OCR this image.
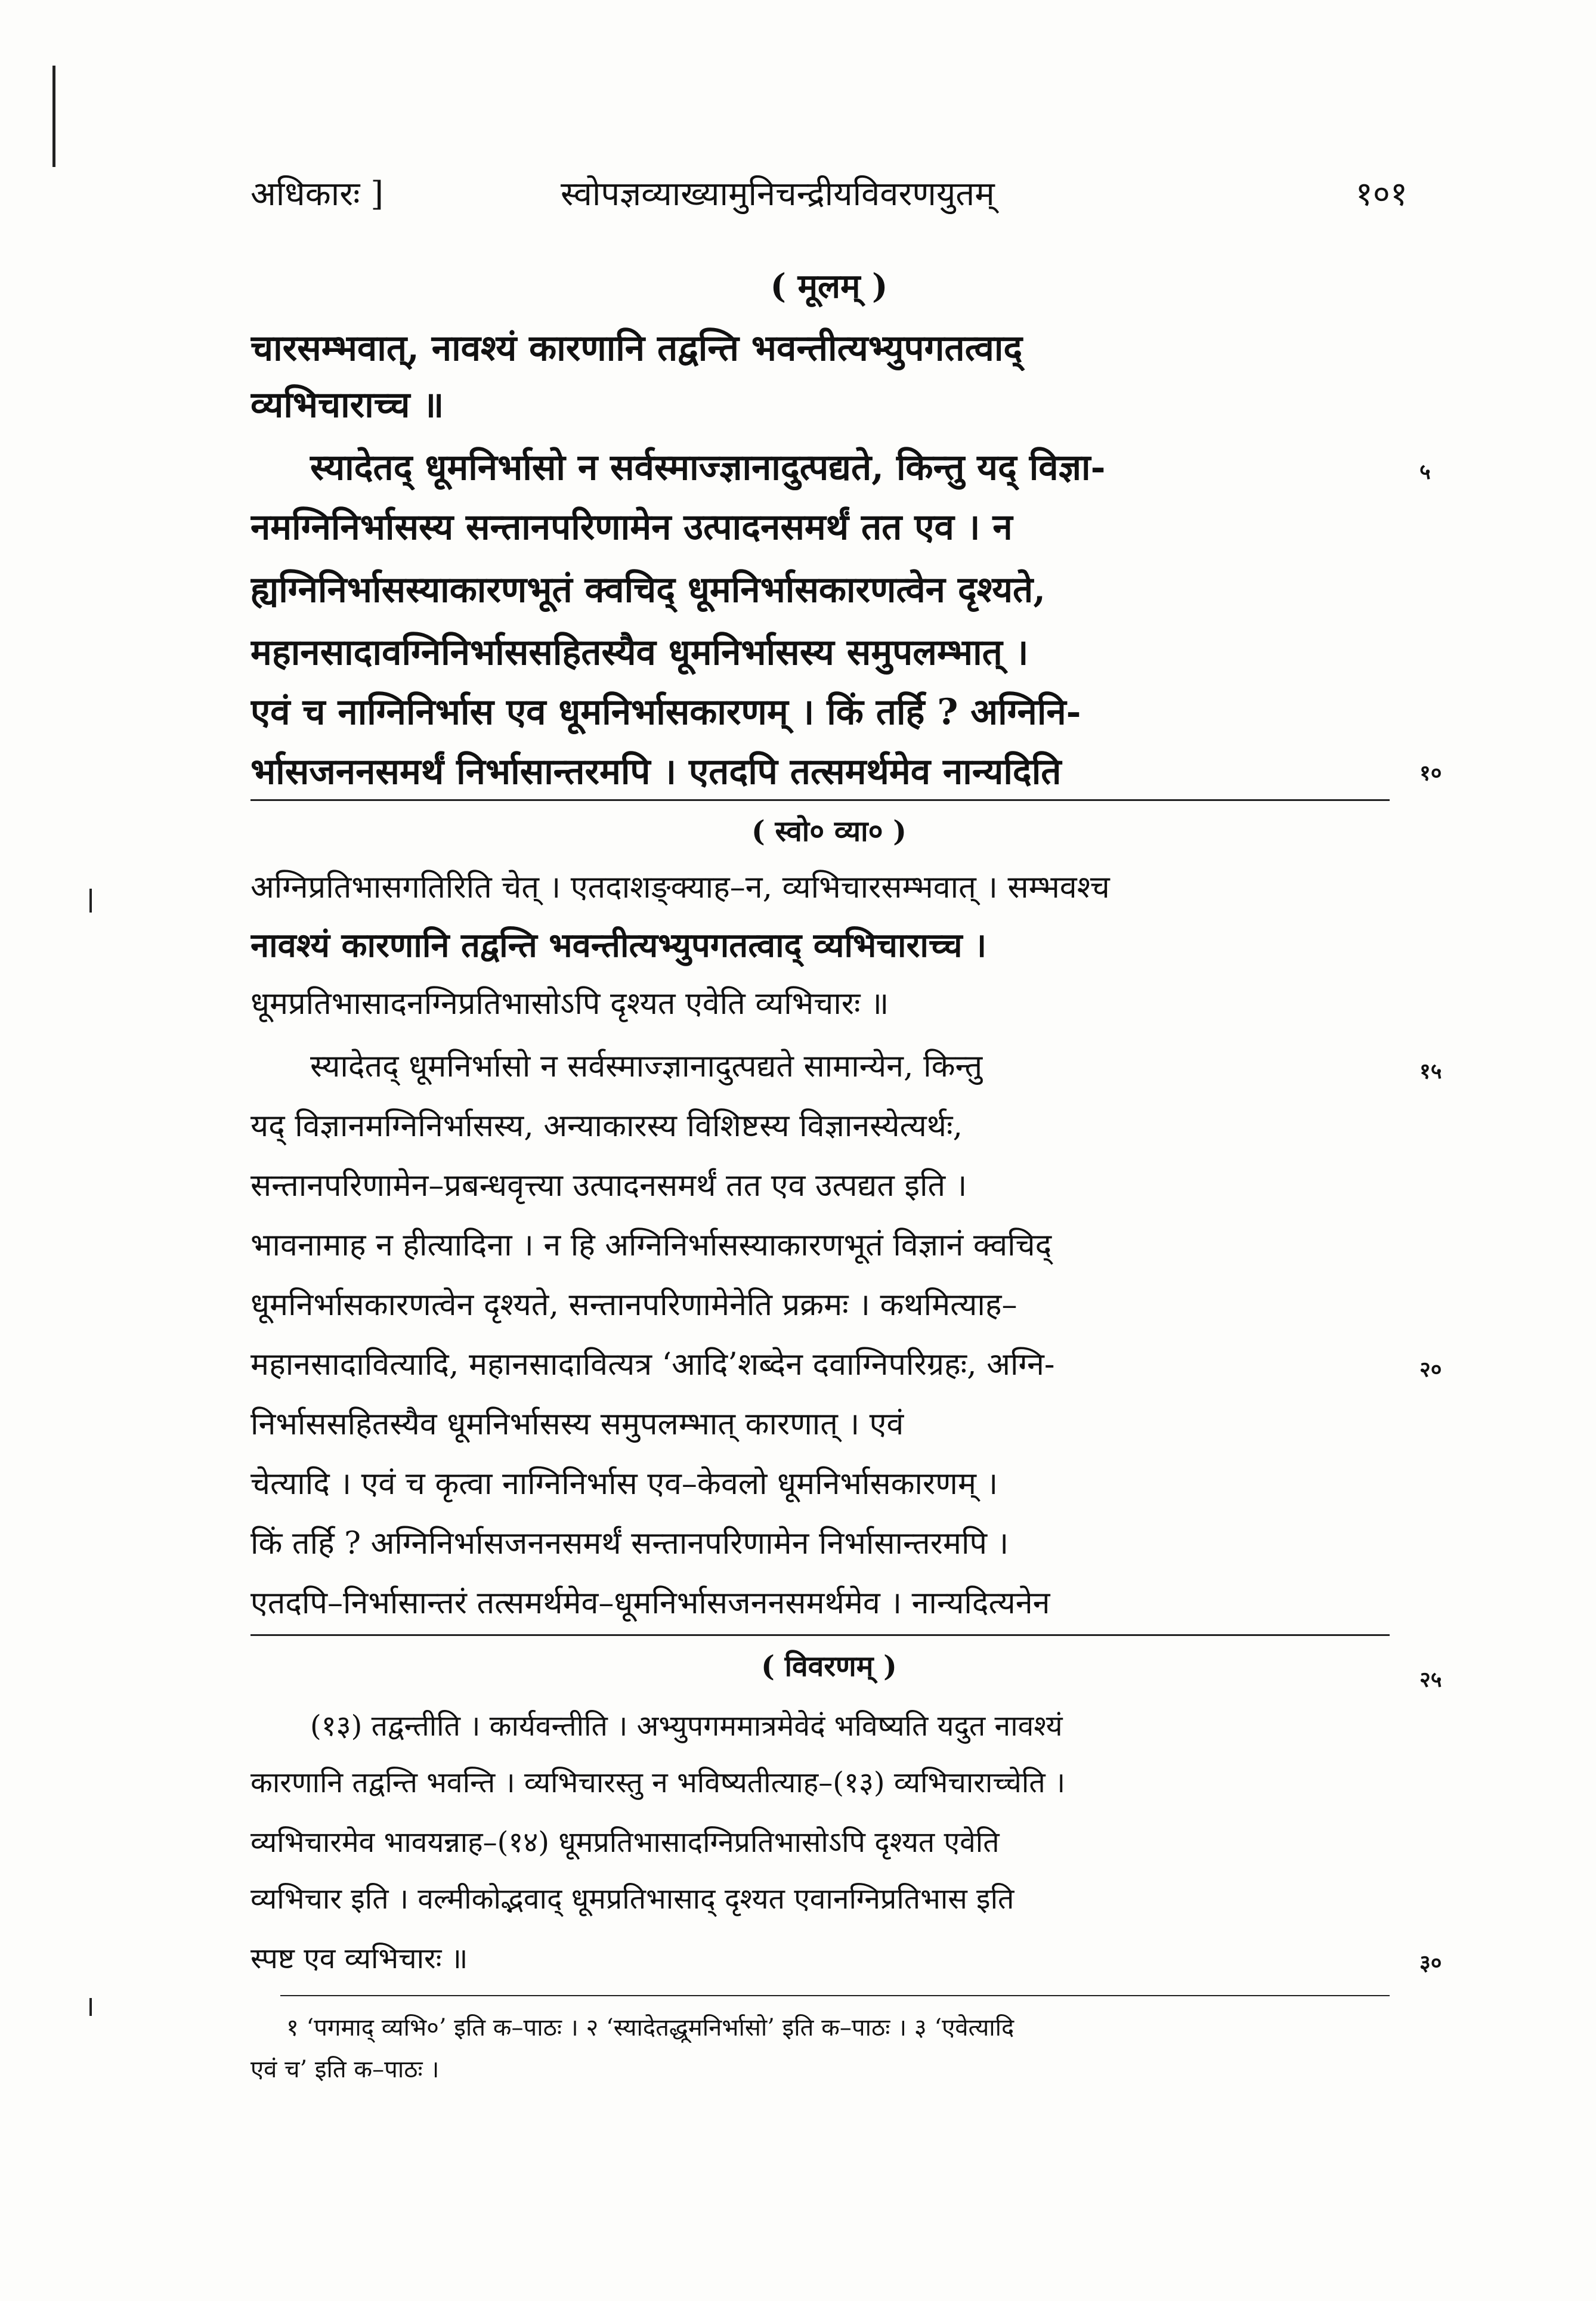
अधिकारः ]	स्वोपज्ञव्याख्यामुनिचन्द्रीयविवरणयुतम्	१०१
( मूलम् )
चारसम्भवात्, नावश्यं कारणानि तद्वन्ति भवन्तीत्यभ्युपगतत्वाद्
व्यभिचाराच्च ॥
स्यादेतद् धूमनिर्भासो न सर्वस्माज्ज्ञानादुत्पद्यते, किन्तु यद् विज्ञा-
नमग्निनिर्भासस्य सन्तानपरिणामेन उत्पादनसमर्थं तत एव । न
ह्यग्निनिर्भासस्याकारणभूतं क्वचिद् धूमनिर्भासकारणत्वेन दृश्यते,
महानसादावग्निनिर्भाससहितस्यैव धूमनिर्भासस्य समुपलम्भात् ।
एवं च नाग्निनिर्भास एव धूमनिर्भासकारणम् । किं तर्हि ? अग्निनि-
र्भासजननसमर्थं निर्भासान्तरमपि । एतदपि तत्समर्थमेव नान्यदिति
५
१०
( स्वो० व्या० )
अग्निप्रतिभासगतिरिति चेत् । एतदाशङ्क्याह–न, व्यभिचारसम्भवात् । सम्भवश्च
नावश्यं कारणानि तद्वन्ति भवन्तीत्यभ्युपगतत्वाद् व्यभिचाराच्च ।
धूमप्रतिभासादनग्निप्रतिभासोऽपि दृश्यत एवेति व्यभिचारः ॥
स्यादेतद् धूमनिर्भासो न सर्वस्माज्ज्ञानादुत्पद्यते सामान्येन, किन्तु
यद् विज्ञानमग्निनिर्भासस्य, अन्याकारस्य विशिष्टस्य विज्ञानस्येत्यर्थः,
सन्तानपरिणामेन–प्रबन्धवृत्त्या उत्पादनसमर्थं तत एव उत्पद्यत इति ।
भावनामाह न हीत्यादिना । न हि अग्निनिर्भासस्याकारणभूतं विज्ञानं क्वचिद्
धूमनिर्भासकारणत्वेन दृश्यते, सन्तानपरिणामेनेति प्रक्रमः । कथमित्याह–
महानसादावित्यादि, महानसादावित्यत्र ‘आदि’शब्देन दवाग्निपरिग्रहः, अग्नि-
निर्भाससहितस्यैव धूमनिर्भासस्य समुपलम्भात् कारणात् । एवं
चेत्यादि । एवं च कृत्वा नाग्निनिर्भास एव–केवलो धूमनिर्भासकारणम् ।
किं तर्हि ? अग्निनिर्भासजननसमर्थं सन्तानपरिणामेन निर्भासान्तरमपि ।
एतदपि–निर्भासान्तरं तत्समर्थमेव–धूमनिर्भासजननसमर्थमेव । नान्यदित्यनेन
१५
२०
२५
( विवरणम् )
(१३) तद्वन्तीति । कार्यवन्तीति । अभ्युपगममात्रमेवेदं भविष्यति यदुत नावश्यं
कारणानि तद्वन्ति भवन्ति । व्यभिचारस्तु न भविष्यतीत्याह–(१३) व्यभिचाराच्चेति ।
व्यभिचारमेव भावयन्नाह–(१४) धूमप्रतिभासादग्निप्रतिभासोऽपि दृश्यत एवेति
व्यभिचार इति । वल्मीकोद्भवाद् धूमप्रतिभासाद् दृश्यत एवानग्निप्रतिभास इति
स्पष्ट एव व्यभिचारः ॥	३०
१ ‘पगमाद् व्यभि०’ इति क–पाठः । २ ‘स्यादेतद्धूमनिर्भासो’ इति क–पाठः । ३ ‘एवेत्यादि
एवं च’ इति क–पाठः ।
